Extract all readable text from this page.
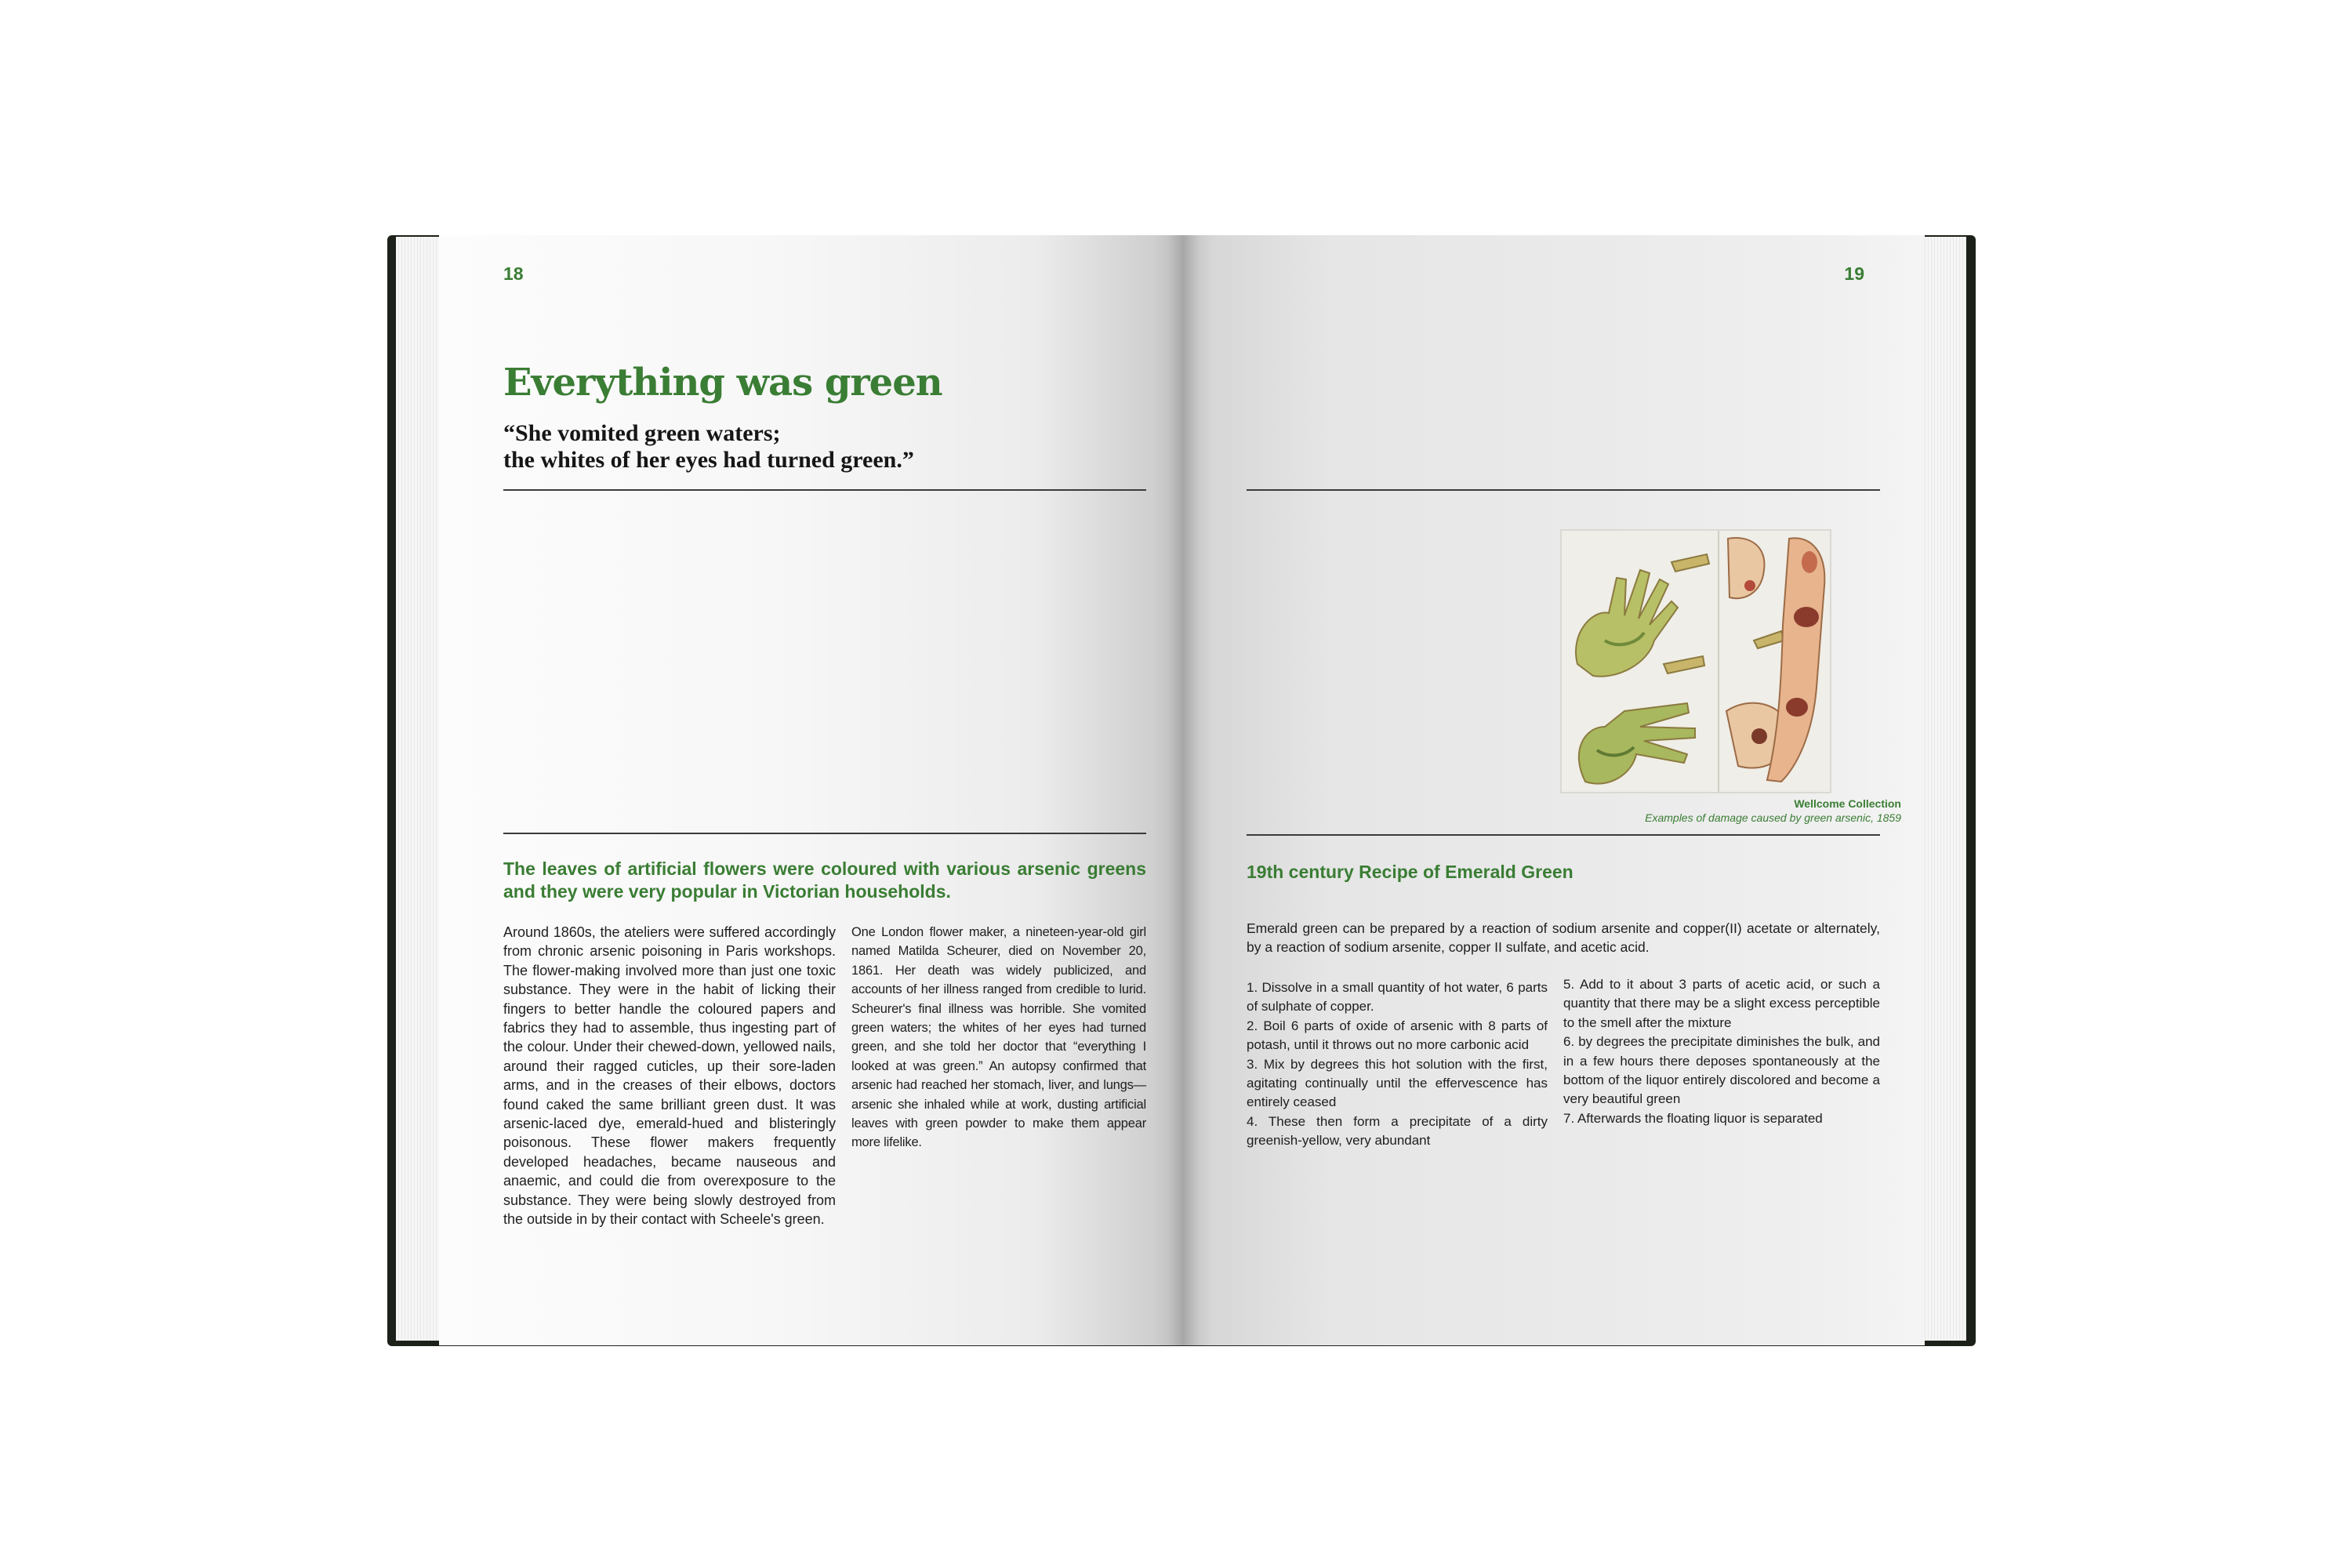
18
Everything was green

“She vomited green waters;
the whites of her eyes had turned green.”

The leaves of artificial flowers were coloured with various arsenic greens and they were very popular in Victorian households.

Around 1860s, the ateliers were suffered accordingly from chronic arsenic poisoning in Paris workshops. The flower-making involved more than just one toxic substance. They were in the habit of licking their fingers to better handle the coloured papers and fabrics they had to assemble, thus ingesting part of the colour. Under their chewed-down, yellowed nails, around their ragged cuticles, up their sore-laden arms, and in the creases of their elbows, doctors found caked the same brilliant green dust. It was arsenic-laced dye, emerald-hued and blisteringly poisonous. These flower makers frequently developed headaches, became nauseous and anaemic, and could die from overexposure to the substance. They were being slowly destroyed from the outside in by their contact with Scheele's green.

One London flower maker, a nineteen-year-old girl named Matilda Scheurer, died on November 20, 1861. Her death was widely publicized, and accounts of her illness ranged from credible to lurid. Scheurer's final illness was horrible. She vomited green waters; the whites of her eyes had turned green, and she told her doctor that “everything I looked at was green.” An autopsy confirmed that arsenic had reached her stomach, liver, and lungs—arsenic she inhaled while at work, dusting artificial leaves with green powder to make them appear more lifelike.

19
Wellcome Collection
Examples of damage caused by green arsenic, 1859

19th century Recipe of Emerald Green

Emerald green can be prepared by a reaction of sodium arsenite and copper(II) acetate or alternately, by a reaction of sodium arsenite, copper II sulfate, and acetic acid.

1. Dissolve in a small quantity of hot water, 6 parts of sulphate of copper.
2. Boil 6 parts of oxide of arsenic with 8 parts of potash, until it throws out no more carbonic acid
3. Mix by degrees this hot solution with the first, agitating continually until the effervescence has entirely ceased
4. These then form a precipitate of a dirty greenish-yellow, very abundant
5. Add to it about 3 parts of acetic acid, or such a quantity that there may be a slight excess perceptible to the smell after the mixture
6. by degrees the precipitate diminishes the bulk, and in a few hours there deposes spontaneously at the bottom of the liquor entirely discolored and become a very beautiful green
7. Afterwards the floating liquor is separated
